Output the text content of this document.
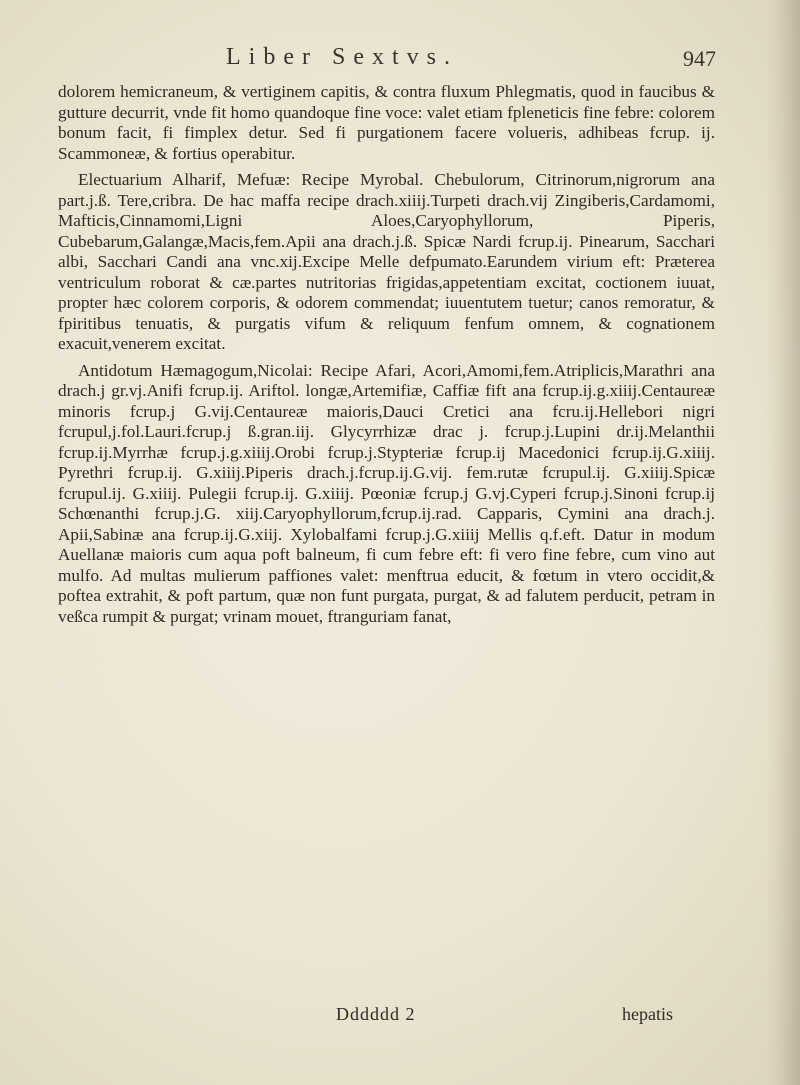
Liber Sextvs.	947

dolorem hemicraneum, & vertiginem capitis, & contra fluxum Phlegmatis, quod in faucibus & gutture decurrit, vnde fit homo quandoque fine voce: valet etiam fpleneticis fine febre: colorem bonum facit, fi fimplex detur. Sed fi purgationem facere volueris, adhibeas fcrup. ij. Scammoneæ, & fortius operabitur.

Electuarium Alharif, Mefuæ: Recipe Myrobal. Chebulorum, Citrinorum,nigrorum ana part.j.ß. Tere,cribra. De hac maffa recipe drach.xiiij.Turpeti drach.vij Zingiberis,Cardamomi, Mafticis,Cinnamomi,Ligni Aloes,Caryophyllorum, Piperis, Cubebarum,Galangæ,Macis,fem.Apii ana drach.j.ß. Spicæ Nardi fcrup.ij. Pinearum, Sacchari albi, Sacchari Candi ana vnc.xij.Excipe Melle defpumato.Earundem virium eft: Præterea ventriculum roborat & cæ.partes nutritorias frigidas,appetentiam excitat, coctionem iuuat, propter hæc colorem corporis, & odorem commendat; iuuentutem tuetur; canos remoratur, & fpiritibus tenuatis, & purgatis vifum & reliquum fenfum omnem, & cognationem exacuit,venerem excitat.

Antidotum Hæmagogum,Nicolai: Recipe Afari, Acori,Amomi,fem.Atriplicis,Marathri ana drach.j gr.vj.Anifi fcrup.ij. Ariftol. longæ,Artemifiæ, Caffiæ fift ana fcrup.ij.g.xiiij.Centaureæ minoris fcrup.j G.vij.Centaureæ maioris,Dauci Cretici ana fcru.ij.Hellebori nigri fcrupul,j.fol.Lauri.fcrup.j ß.gran.iij. Glycyrrhizæ drac j. fcrup.j.Lupini dr.ij.Melanthii fcrup.ij.Myrrhæ fcrup.j.g.xiiij.Orobi fcrup.j.Stypteriæ fcrup.ij Macedonici fcrup.ij.G.xiiij. Pyrethri fcrup.ij. G.xiiij.Piperis drach.j.fcrup.ij.G.vij. fem.rutæ fcrupul.ij. G.xiiij.Spicæ fcrupul.ij. G.xiiij. Pulegii fcrup.ij. G.xiiij. Pœoniæ fcrup.j G.vj.Cyperi fcrup.j.Sinoni fcrup.ij Schœnanthi fcrup.j.G. xiij.Caryophyllorum,fcrup.ij.rad. Capparis, Cymini ana drach.j. Apii,Sabinæ ana fcrup.ij.G.xiij. Xylobalfami fcrup.j.G.xiiij Mellis q.f.eft. Datur in modum Auellanæ maioris cum aqua poft balneum, fi cum febre eft: fi vero fine febre, cum vino aut mulfo. Ad multas mulierum paffiones valet: menftrua educit, & fœtum in vtero occidit,& poftea extrahit, & poft partum, quæ non funt purgata, purgat, & ad falutem perducit, petram in veßca rumpit & purgat; vrinam mouet, ftranguriam fanat,

Dddddd 2	hepatis
